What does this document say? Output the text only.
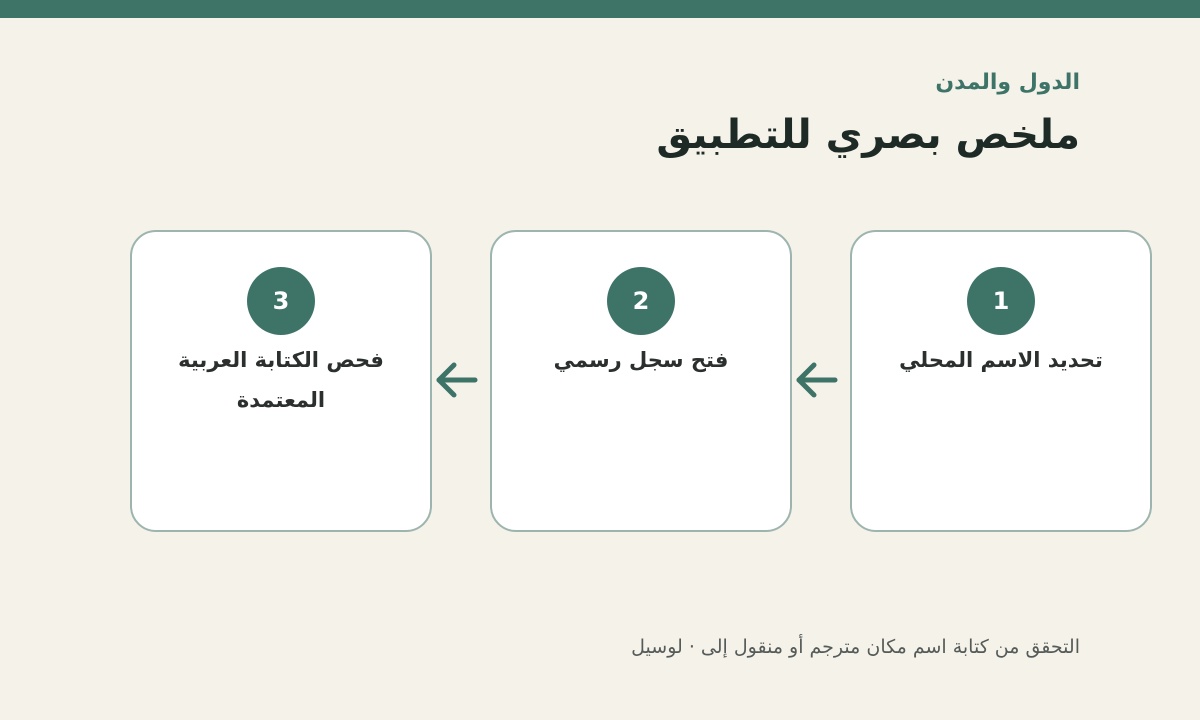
الدول والمدن
ملخص بصري للتطبيق
1
تحديد الاسم المحلي
2
فتح سجل رسمي
3
فحص الكتابة العربية المعتمدة
التحقق من كتابة اسم مكان مترجم أو منقول إلى · لوسيل
